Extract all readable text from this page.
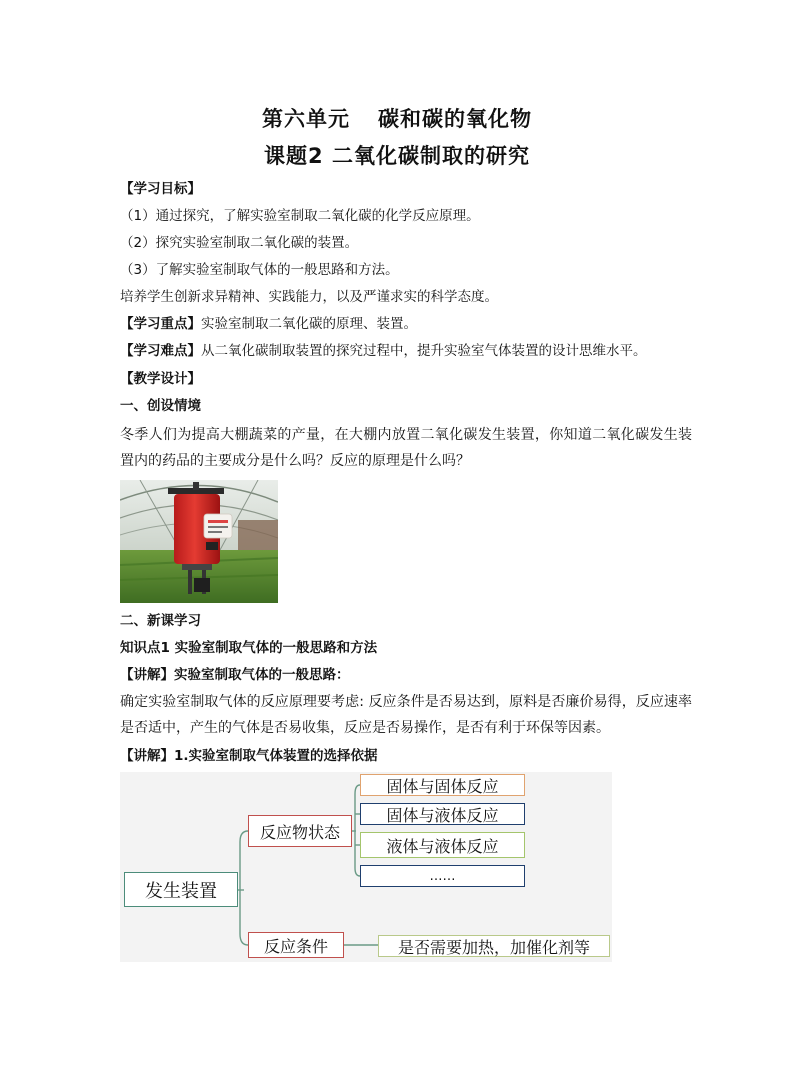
第六单元 碳和碳的氧化物
课题2 二氧化碳制取的研究
【学习目标】
（1）通过探究，了解实验室制取二氧化碳的化学反应原理。
（2）探究实验室制取二氧化碳的装置。
（3）了解实验室制取气体的一般思路和方法。
培养学生创新求异精神、实践能力，以及严谨求实的科学态度。
【学习重点】实验室制取二氧化碳的原理、装置。
【学习难点】从二氧化碳制取装置的探究过程中，提升实验室气体装置的设计思维水平。
【教学设计】
一、创设情境
冬季人们为提高大棚蔬菜的产量，在大棚内放置二氧化碳发生装置，你知道二氧化碳发生装置内的药品的主要成分是什么吗？反应的原理是什么吗？
二、新课学习
知识点1 实验室制取气体的一般思路和方法
【讲解】实验室制取气体的一般思路：
确定实验室制取气体的反应原理要考虑: 反应条件是否易达到，原料是否廉价易得，反应速率是否适中，产生的气体是否易收集，反应是否易操作，是否有利于环保等因素。
【讲解】1.实验室制取气体装置的选择依据
发生装置
反应物状态
固体与固体反应
固体与液体反应
液体与液体反应
……
反应条件	是否需要加热，加催化剂等
